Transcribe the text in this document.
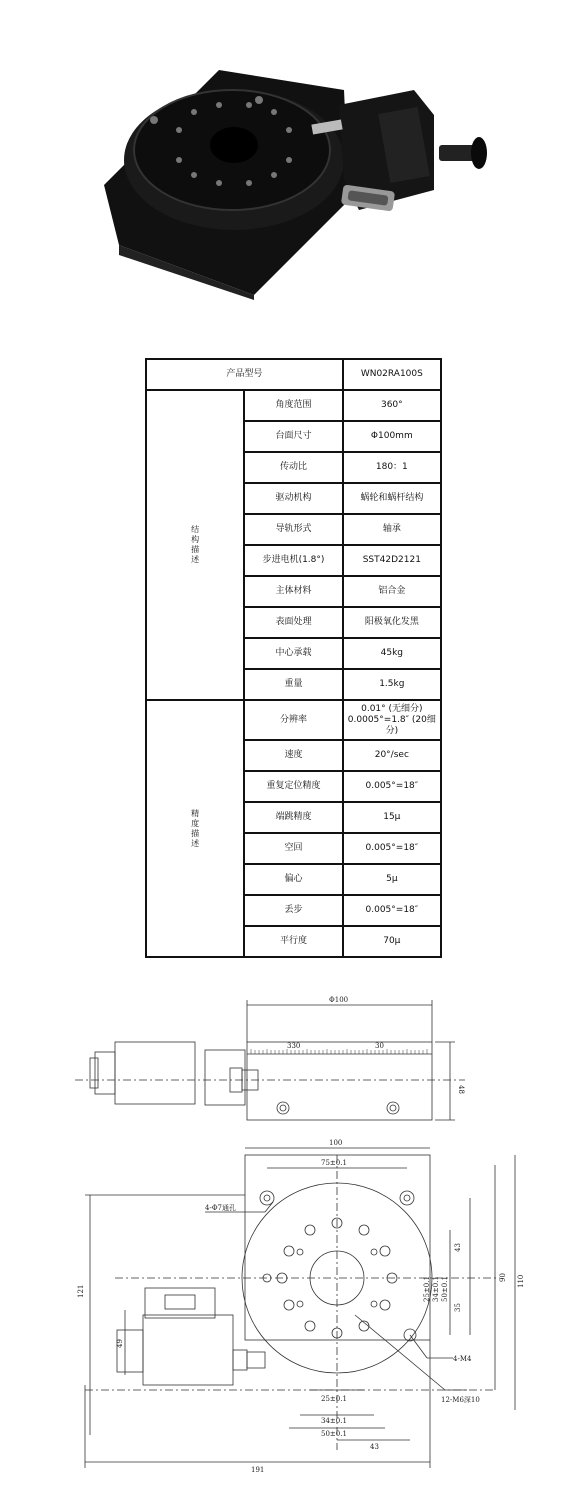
产品型号		WN02RA100S
结
构
描
述	角度范围	360°
	台面尺寸	Φ100mm
	传动比	180：1
	驱动机构	蜗轮和蜗杆结构
	导轨形式	轴承
	步进电机(1.8°)	SST42D2121
	主体材料	铝合金
	表面处理	阳极氧化发黑
	中心承载	45kg
	重量	1.5kg
精
度
描
述	分辨率	0.01° (无细分)
0.0005°=1.8″ (20细分)
	速度	20°/sec
	重复定位精度	0.005°=18″
	端跳精度	15μ
	空回	0.005°=18″
	偏心	5μ
	丢步	0.005°=18″
	平行度	70μ
Φ100
330	30
48
100
75±0.1
4-Φ7通孔
25±0.1 34±0.1 50±0.1
43
35
90 110
121
49
4-M4
12-M6深10
25±0.1
34±0.1
50±0.1
43
191
